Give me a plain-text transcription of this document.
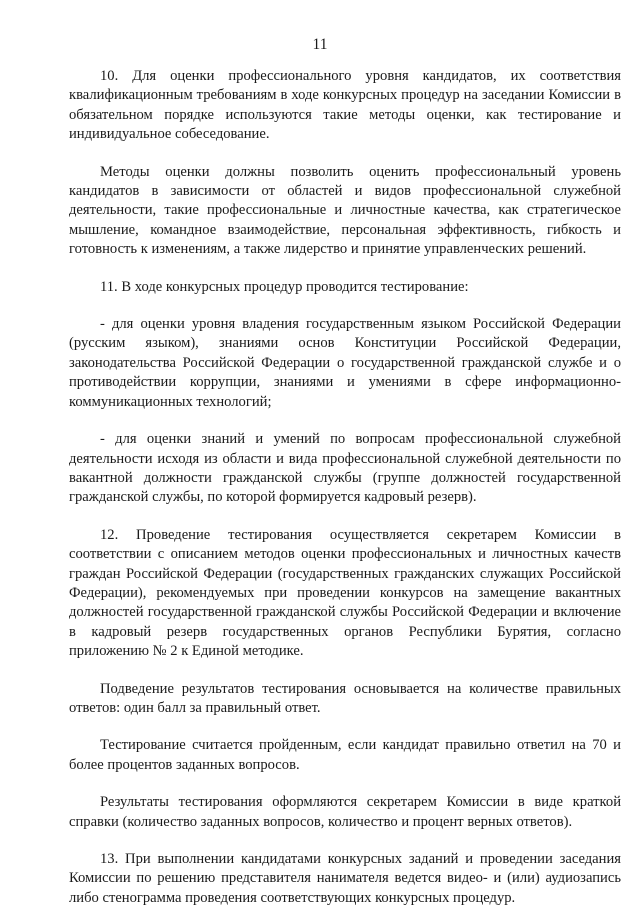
11

10. Для оценки профессионального уровня кандидатов, их соответствия квалификационным требованиям в ходе конкурсных процедур на заседании Комиссии в обязательном порядке используются такие методы оценки, как тестирование и индивидуальное собеседование.

Методы оценки должны позволить оценить профессиональный уровень кандидатов в зависимости от областей и видов профессиональной служебной деятельности, такие профессиональные и личностные качества, как стратегическое мышление, командное взаимодействие, персональная эффективность, гибкость и готовность к изменениям, а также лидерство и принятие управленческих решений.

11. В ходе конкурсных процедур проводится тестирование:

- для оценки уровня владения государственным языком Российской Федерации (русским языком), знаниями основ Конституции Российской Федерации, законодательства Российской Федерации о государственной гражданской службе и о противодействии коррупции, знаниями и умениями в сфере информационно-коммуникационных технологий;

- для оценки знаний и умений по вопросам профессиональной служебной деятельности исходя из области и вида профессиональной служебной деятельности по вакантной должности гражданской службы (группе должностей государственной гражданской службы, по которой формируется кадровый резерв).

12. Проведение тестирования осуществляется секретарем Комиссии в соответствии с описанием методов оценки профессиональных и личностных качеств граждан Российской Федерации (государственных гражданских служащих Российской Федерации), рекомендуемых при проведении конкурсов на замещение вакантных должностей государственной гражданской службы Российской Федерации и включение в кадровый резерв государственных органов Республики Бурятия, согласно приложению № 2 к Единой методике.

Подведение результатов тестирования основывается на количестве правильных ответов: один балл за правильный ответ.

Тестирование считается пройденным, если кандидат правильно ответил на 70 и более процентов заданных вопросов.

Результаты тестирования оформляются секретарем Комиссии в виде краткой справки (количество заданных вопросов, количество и процент верных ответов).

13. При выполнении кандидатами конкурсных заданий и проведении заседания Комиссии по решению представителя нанимателя ведется видео- и (или) аудиозапись либо стенограмма проведения соответствующих конкурсных процедур.
